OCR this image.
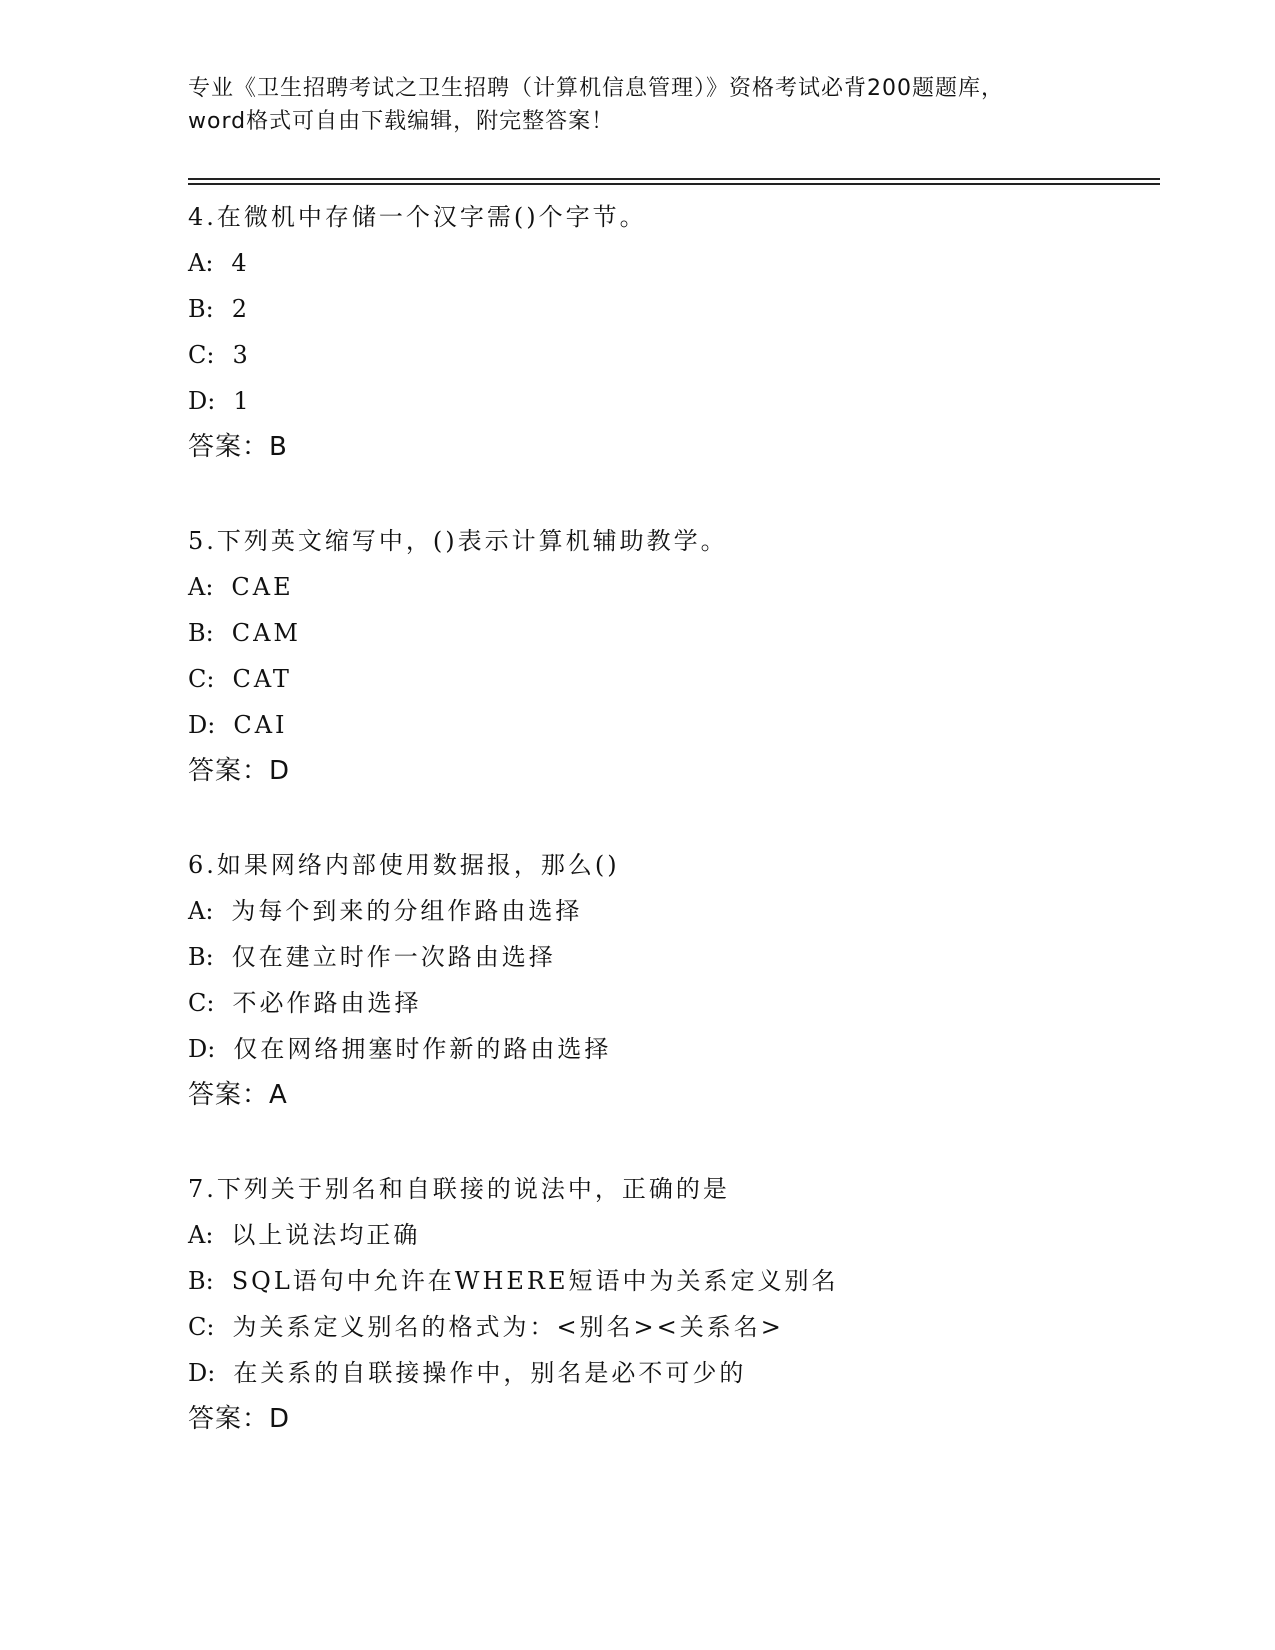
专业《卫生招聘考试之卫生招聘（计算机信息管理）》资格考试必背200题题库，
word格式可自由下载编辑，附完整答案！
4.在微机中存储一个汉字需()个字节。
A: 4
B: 2
C: 3
D: 1
答案：B
5.下列英文缩写中，()表示计算机辅助教学。
A: CAE
B: CAM
C: CAT
D: CAI
答案：D
6.如果网络内部使用数据报，那么()
A: 为每个到来的分组作路由选择
B: 仅在建立时作一次路由选择
C: 不必作路由选择
D: 仅在网络拥塞时作新的路由选择
答案：A
7.下列关于别名和自联接的说法中，正确的是
A: 以上说法均正确
B: SQL语句中允许在WHERE短语中为关系定义别名
C: 为关系定义别名的格式为：<别名><关系名>
D: 在关系的自联接操作中，别名是必不可少的
答案：D
